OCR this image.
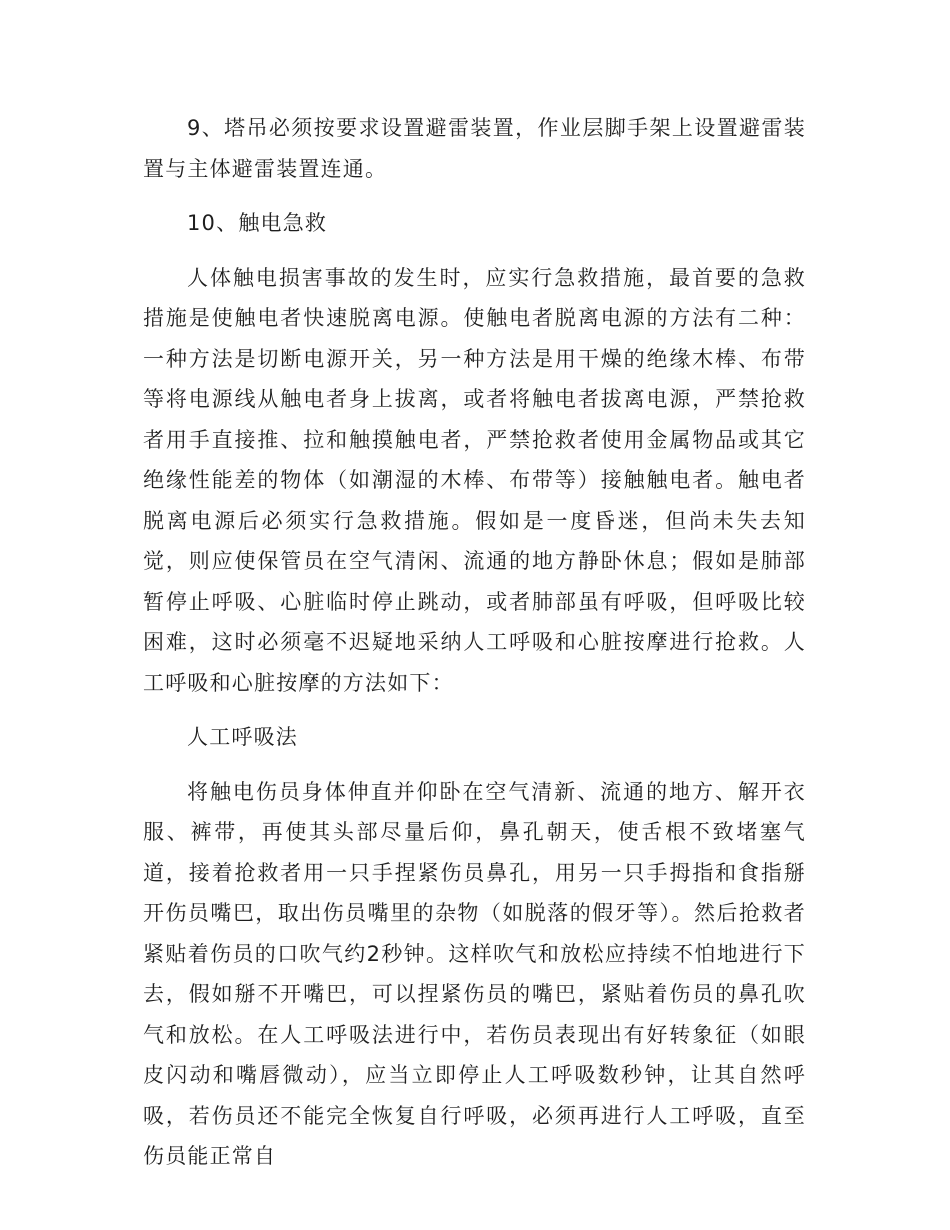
9、塔吊必须按要求设置避雷装置，作业层脚手架上设置避雷装置与主体避雷装置连通。

10、触电急救

人体触电损害事故的发生时，应实行急救措施，最首要的急救措施是使触电者快速脱离电源。使触电者脱离电源的方法有二种：一种方法是切断电源开关，另一种方法是用干燥的绝缘木棒、布带等将电源线从触电者身上拔离，或者将触电者拔离电源，严禁抢救者用手直接推、拉和触摸触电者，严禁抢救者使用金属物品或其它绝缘性能差的物体（如潮湿的木棒、布带等）接触触电者。触电者脱离电源后必须实行急救措施。假如是一度昏迷，但尚未失去知觉，则应使保管员在空气清闲、流通的地方静卧休息；假如是肺部暂停止呼吸、心脏临时停止跳动，或者肺部虽有呼吸，但呼吸比较困难，这时必须毫不迟疑地采纳人工呼吸和心脏按摩进行抢救。人工呼吸和心脏按摩的方法如下：

人工呼吸法

将触电伤员身体伸直并仰卧在空气清新、流通的地方、解开衣服、裤带，再使其头部尽量后仰，鼻孔朝天，使舌根不致堵塞气道，接着抢救者用一只手捏紧伤员鼻孔，用另一只手拇指和食指掰开伤员嘴巴，取出伤员嘴里的杂物（如脱落的假牙等）。然后抢救者紧贴着伤员的口吹气约2秒钟。这样吹气和放松应持续不怕地进行下去，假如掰不开嘴巴，可以捏紧伤员的嘴巴，紧贴着伤员的鼻孔吹气和放松。在人工呼吸法进行中，若伤员表现出有好转象征（如眼皮闪动和嘴唇微动），应当立即停止人工呼吸数秒钟，让其自然呼吸，若伤员还不能完全恢复自行呼吸，必须再进行人工呼吸，直至伤员能正常自
